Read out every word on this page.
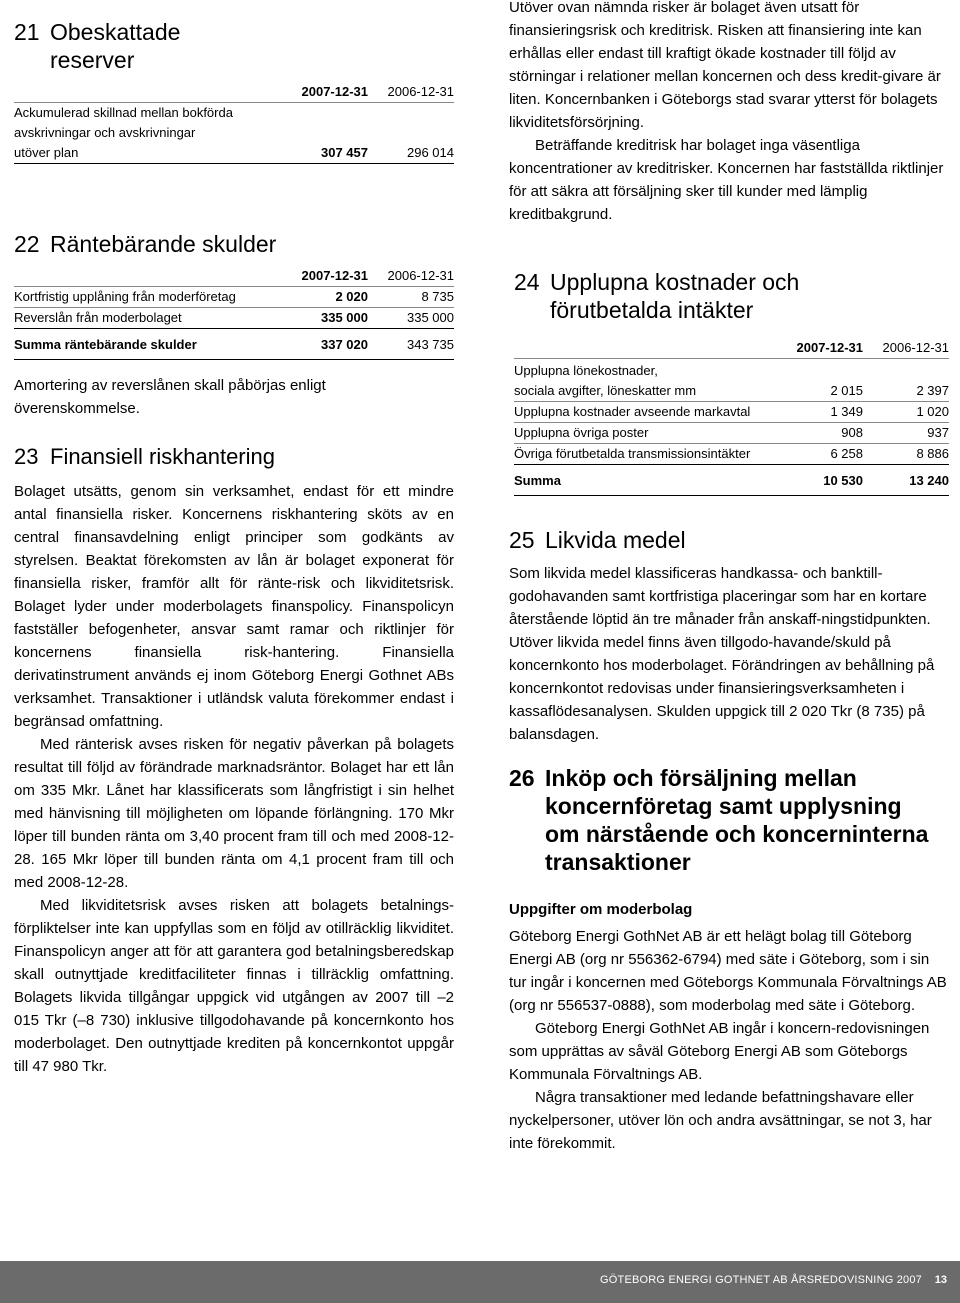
21 Obeskattade
reserver
	2007-12-31	2006-12-31
Ackumulerad skillnad mellan bokförda		
avskrivningar och avskrivningar		
utöver plan	307 457	296 014
22 Räntebärande skulder
	2007-12-31	2006-12-31
Kortfristig upplåning från moderföretag	2 020	8 735
Reverslån från moderbolaget	335 000	335 000
Summa räntebärande skulder	337 020	343 735

Amortering av reverslånen skall påbörjas enligt överenskommelse.

23 Finansiell riskhantering

Bolaget utsätts, genom sin verksamhet, endast för ett mindre antal finansiella risker. Koncernens riskhantering sköts av en central finansavdelning enligt principer som godkänts av styrelsen. Beaktat förekomsten av lån är bolaget exponerat för finansiella risker, framför allt för ränte-risk och likviditetsrisk. Bolaget lyder under moderbolagets finanspolicy. Finanspolicyn fastställer befogenheter, ansvar samt ramar och riktlinjer för koncernens finansiella risk-hantering. Finansiella derivatinstrument används ej inom Göteborg Energi Gothnet ABs verksamhet. Transaktioner i utländsk valuta förekommer endast i begränsad omfattning.

Med ränterisk avses risken för negativ påverkan på bolagets resultat till följd av förändrade marknadsräntor. Bolaget har ett lån om 335 Mkr. Lånet har klassificerats som långfristigt i sin helhet med hänvisning till möjligheten om löpande förlängning. 170 Mkr löper till bunden ränta om 3,40 procent fram till och med 2008-12-28. 165 Mkr löper till bunden ränta om 4,1 procent fram till och med 2008-12-28.

Med likviditetsrisk avses risken att bolagets betalnings-förpliktelser inte kan uppfyllas som en följd av otillräcklig likviditet. Finanspolicyn anger att för att garantera god betalningsberedskap skall outnyttjade kreditfaciliteter finnas i tillräcklig omfattning. Bolagets likvida tillgångar uppgick vid utgången av 2007 till –2 015 Tkr (–8 730) inklusive tillgodohavande på koncernkonto hos moderbolaget. Den outnyttjade krediten på koncernkontot uppgår till 47 980 Tkr.

Utöver ovan nämnda risker är bolaget även utsatt för finansieringsrisk och kreditrisk. Risken att finansiering inte kan erhållas eller endast till kraftigt ökade kostnader till följd av störningar i relationer mellan koncernen och dess kredit-givare är liten. Koncernbanken i Göteborgs stad svarar ytterst för bolagets likviditetsförsörjning.

Beträffande kreditrisk har bolaget inga väsentliga koncentrationer av kreditrisker. Koncernen har fastställda riktlinjer för att säkra att försäljning sker till kunder med lämplig kreditbakgrund.

24 Upplupna kostnader och
förutbetalda intäkter
	2007-12-31	2006-12-31
Upplupna lönekostnader,		
sociala avgifter, löneskatter mm	2 015	2 397
Upplupna kostnader avseende markavtal	1 349	1 020
Upplupna övriga poster	908	937
Övriga förutbetalda transmissionsintäkter	6 258	8 886
Summa	10 530	13 240
25 Likvida medel

Som likvida medel klassificeras handkassa- och banktill-godohavanden samt kortfristiga placeringar som har en kortare återstående löptid än tre månader från anskaff-ningstidpunkten. Utöver likvida medel finns även tillgodo-havande/skuld på koncernkonto hos moderbolaget. Förändringen av behållning på koncernkontot redovisas under finansieringsverksamheten i kassaflödesanalysen. Skulden uppgick till 2 020 Tkr (8 735) på balansdagen.

26 Inköp och försäljning mellan
koncernföretag samt upplysning
om närstående och koncerninterna
transaktioner

Uppgifter om moderbolag

Göteborg Energi GothNet AB är ett helägt bolag till Göteborg Energi AB (org nr 556362-6794) med säte i Göteborg, som i sin tur ingår i koncernen med Göteborgs Kommunala Förvaltnings AB (org nr 556537-0888), som moderbolag med säte i Göteborg.

Göteborg Energi GothNet AB ingår i koncern-redovisningen som upprättas av såväl Göteborg Energi AB som Göteborgs Kommunala Förvaltnings AB.

Några transaktioner med ledande befattningshavare eller nyckelpersoner, utöver lön och andra avsättningar, se not 3, har inte förekommit.

GÖTEBORG ENERGI GOTHNET AB ÅRSREDOVISNING 2007 13
